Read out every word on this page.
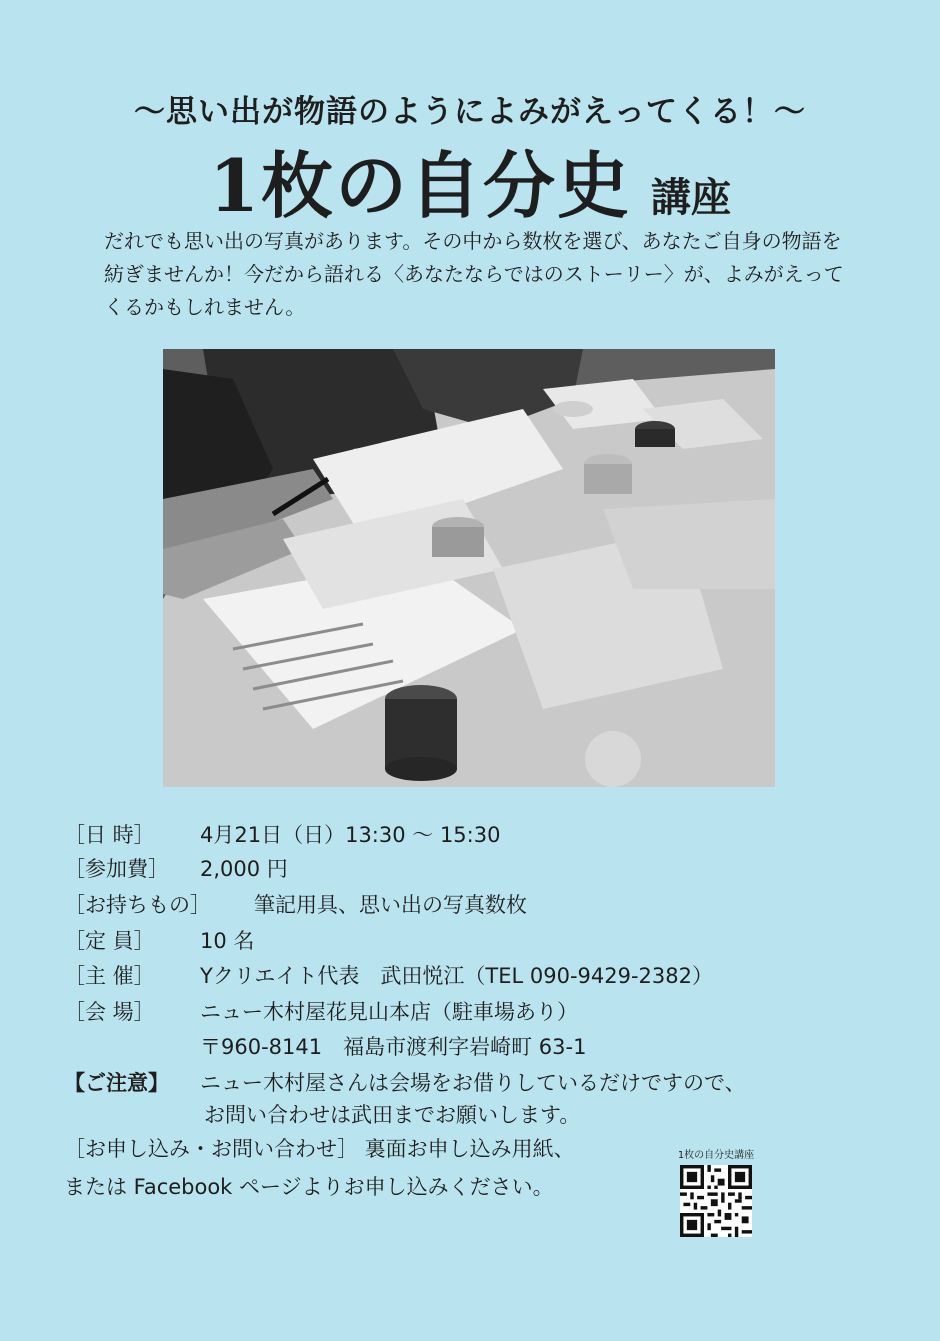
～思い出が物語のようによみがえってくる！～
1枚の自分史 講座

だれでも思い出の写真があります。その中から数枚を選び、あなたご自身の物語を

紡ぎませんか！今だから語れる〈あなたならではのストーリー〉が、よみがえって

くるかもしれません。

［日 時］ 4月21日（日）13:30 ～ 15:30
［参加費］ 2,000 円
［お持ちもの］ 筆記用具、思い出の写真数枚
［定 員］ 10 名
［主 催］ Yクリエイト代表　武田悦江（TEL 090-9429-2382）
［会 場］ ニュー木村屋花見山本店（駐車場あり）
〒960-8141　福島市渡利字岩崎町 63-1
【ご注意】 ニュー木村屋さんは会場をお借りしているだけですので、
お問い合わせは武田までお願いします。
［お申し込み・お問い合わせ］ 裏面お申し込み用紙、
または Facebook ページよりお申し込みください。
1枚の自分史講座
